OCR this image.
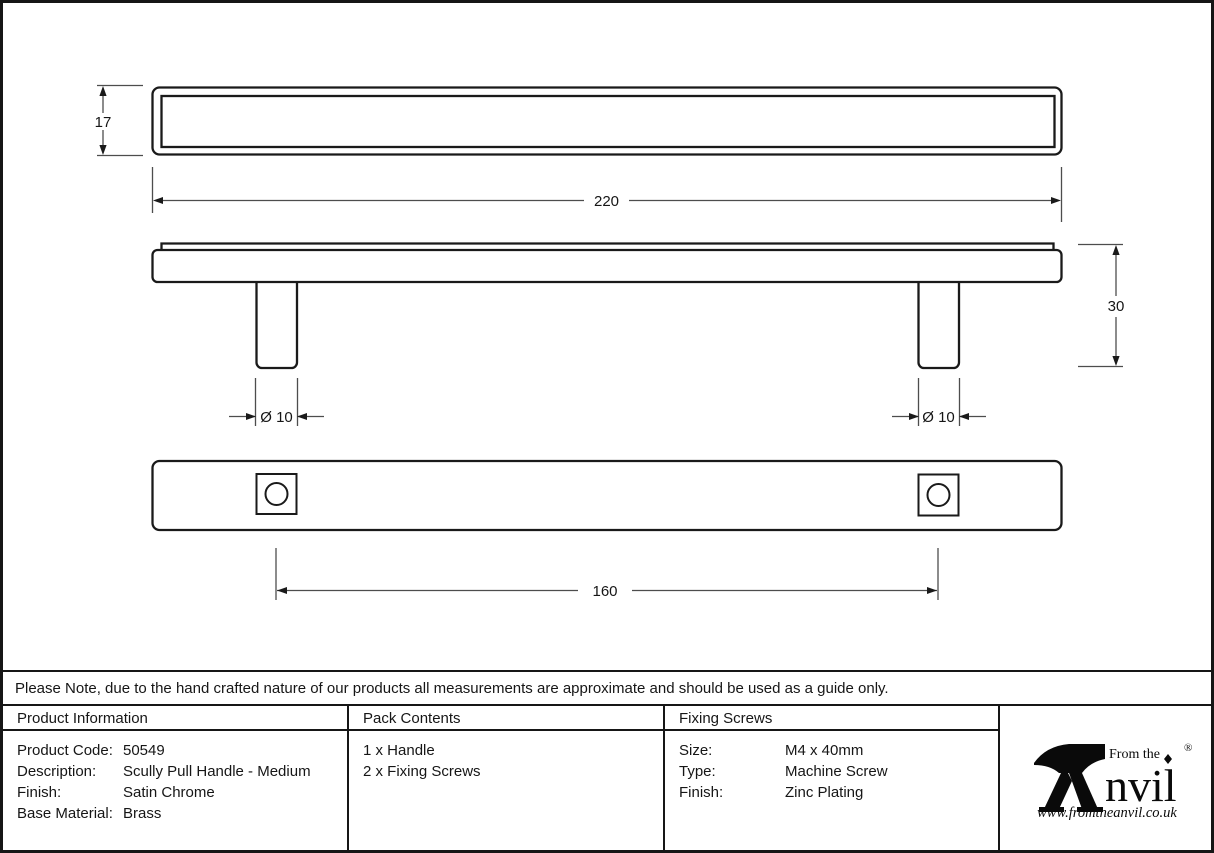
17
220
Ø 10	Ø 10
30
160
Please Note, due to the hand crafted nature of our products all measurements are approximate and should be used as a guide only.
Product Information
Product Code: 50549
Description:	Scully Pull Handle - Medium
Finish:	Satin Chrome
Base Material: Brass
Pack Contents
1 x Handle
2 x Fixing Screws
Fixing Screws
Size:	M4 x 40mm
Type:	Machine Screw
Finish:	Zinc Plating
From the
nvil
®
www.fromtheanvil.co.uk
